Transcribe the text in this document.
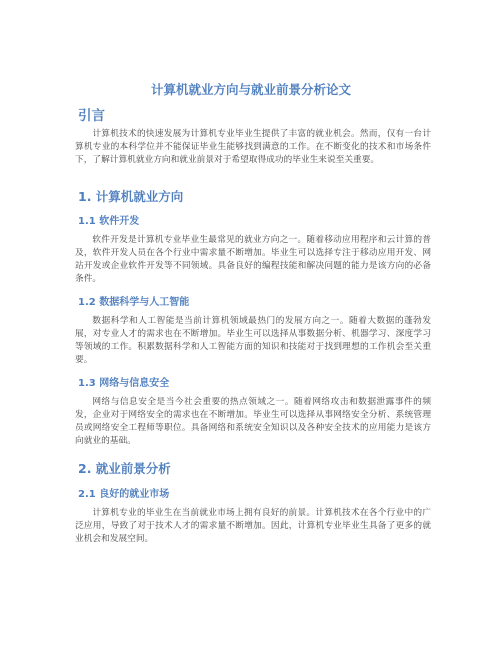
计算机就业方向与就业前景分析论文
引言

计算机技术的快速发展为计算机专业毕业生提供了丰富的就业机会。然而，仅有一台计算机专业的本科学位并不能保证毕业生能够找到满意的工作。在不断变化的技术和市场条件下，了解计算机就业方向和就业前景对于希望取得成功的毕业生来说至关重要。

1. 计算机就业方向
1.1 软件开发

软件开发是计算机专业毕业生最常见的就业方向之一。随着移动应用程序和云计算的普及，软件开发人员在各个行业中需求量不断增加。毕业生可以选择专注于移动应用开发、网站开发或企业软件开发等不同领域。具备良好的编程技能和解决问题的能力是该方向的必备条件。

1.2 数据科学与人工智能

数据科学和人工智能是当前计算机领域最热门的发展方向之一。随着大数据的蓬勃发展，对专业人才的需求也在不断增加。毕业生可以选择从事数据分析、机器学习、深度学习等领域的工作。积累数据科学和人工智能方面的知识和技能对于找到理想的工作机会至关重要。

1.3 网络与信息安全

网络与信息安全是当今社会重要的热点领域之一。随着网络攻击和数据泄露事件的频发，企业对于网络安全的需求也在不断增加。毕业生可以选择从事网络安全分析、系统管理员或网络安全工程师等职位。具备网络和系统安全知识以及各种安全技术的应用能力是该方向就业的基础。

2. 就业前景分析
2.1 良好的就业市场

计算机专业的毕业生在当前就业市场上拥有良好的前景。计算机技术在各个行业中的广泛应用，导致了对于技术人才的需求量不断增加。因此，计算机专业毕业生具备了更多的就业机会和发展空间。
